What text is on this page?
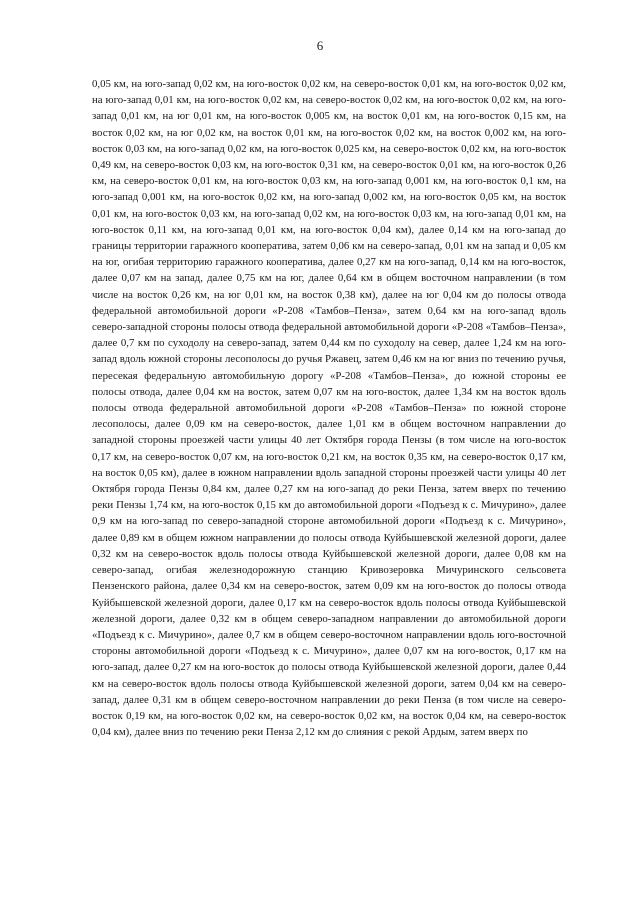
6

0,05 км, на юго-запад 0,02 км, на юго-восток 0,02 км, на северо-восток 0,01 км, на юго-восток 0,02 км, на юго-запад 0,01 км, на юго-восток 0,02 км, на северо-восток 0,02 км, на юго-восток 0,02 км, на юго-запад 0,01 км, на юг 0,01 км, на юго-восток 0,005 км, на восток 0,01 км, на юго-восток 0,15 км, на восток 0,02 км, на юг 0,02 км, на восток 0,01 км, на юго-восток 0,02 км, на восток 0,002 км, на юго-восток 0,03 км, на юго-запад 0,02 км, на юго-восток 0,025 км, на северо-восток 0,02 км, на юго-восток 0,49 км, на северо-восток 0,03 км, на юго-восток 0,31 км, на северо-восток 0,01 км, на юго-восток 0,26 км, на северо-восток 0,01 км, на юго-восток 0,03 км, на юго-запад 0,001 км, на юго-восток 0,1 км, на юго-запад 0,001 км, на юго-восток 0,02 км, на юго-запад 0,002 км, на юго-восток 0,05 км, на восток 0,01 км, на юго-восток 0,03 км, на юго-запад 0,02 км, на юго-восток 0,03 км, на юго-запад 0,01 км, на юго-восток 0,11 км, на юго-запад 0,01 км, на юго-восток 0,04 км), далее 0,14 км на юго-запад до границы территории гаражного кооператива, затем 0,06 км на северо-запад, 0,01 км на запад и 0,05 км на юг, огибая территорию гаражного кооператива, далее 0,27 км на юго-запад, 0,14 км на юго-восток, далее 0,07 км на запад, далее 0,75 км на юг, далее 0,64 км в общем восточном направлении (в том числе на восток 0,26 км, на юг 0,01 км, на восток 0,38 км), далее на юг 0,04 км до полосы отвода федеральной автомобильной дороги «Р-208 «Тамбов–Пенза», затем 0,64 км на юго-запад вдоль северо-западной стороны полосы отвода федеральной автомобильной дороги «Р-208 «Тамбов–Пенза», далее 0,7 км по суходолу на северо-запад, затем 0,44 км по суходолу на север, далее 1,24 км на юго-запад вдоль южной стороны лесополосы до ручья Ржавец, затем 0,46 км на юг вниз по течению ручья, пересекая федеральную автомобильную дорогу «Р-208 «Тамбов–Пенза», до южной стороны ее полосы отвода, далее 0,04 км на восток, затем 0,07 км на юго-восток, далее 1,34 км на восток вдоль полосы отвода федеральной автомобильной дороги «Р-208 «Тамбов–Пенза» по южной стороне лесополосы, далее 0,09 км на северо-восток, далее 1,01 км в общем восточном направлении до западной стороны проезжей части улицы 40 лет Октября города Пензы (в том числе на юго-восток 0,17 км, на северо-восток 0,07 км, на юго-восток 0,21 км, на восток 0,35 км, на северо-восток 0,17 км, на восток 0,05 км), далее в южном направлении вдоль западной стороны проезжей части улицы 40 лет Октября города Пензы 0,84 км, далее 0,27 км на юго-запад до реки Пенза, затем вверх по течению реки Пензы 1,74 км, на юго-восток 0,15 км до автомобильной дороги «Подъезд к с. Мичурино», далее 0,9 км на юго-запад по северо-западной стороне автомобильной дороги «Подъезд к с. Мичурино», далее 0,89 км в общем южном направлении до полосы отвода Куйбышевской железной дороги, далее 0,32 км на северо-восток вдоль полосы отвода Куйбышевской железной дороги, далее 0,08 км на северо-запад, огибая железнодорожную станцию Кривозеровка Мичуринского сельсовета Пензенского района, далее 0,34 км на северо-восток, затем 0,09 км на юго-восток до полосы отвода Куйбышевской железной дороги, далее 0,17 км на северо-восток вдоль полосы отвода Куйбышевской железной дороги, далее 0,32 км в общем северо-западном направлении до автомобильной дороги «Подъезд к с. Мичурино», далее 0,7 км в общем северо-восточном направлении вдоль юго-восточной стороны автомобильной дороги «Подъезд к с. Мичурино», далее 0,07 км на юго-восток, 0,17 км на юго-запад, далее 0,27 км на юго-восток до полосы отвода Куйбышевской железной дороги, далее 0,44 км на северо-восток вдоль полосы отвода Куйбышевской железной дороги, затем 0,04 км на северо-запад, далее 0,31 км в общем северо-восточном направлении до реки Пенза (в том числе на северо-восток 0,19 км, на юго-восток 0,02 км, на северо-восток 0,02 км, на восток 0,04 км, на северо-восток 0,04 км), далее вниз по течению реки Пенза 2,12 км до слияния с рекой Ардым, затем вверх по
